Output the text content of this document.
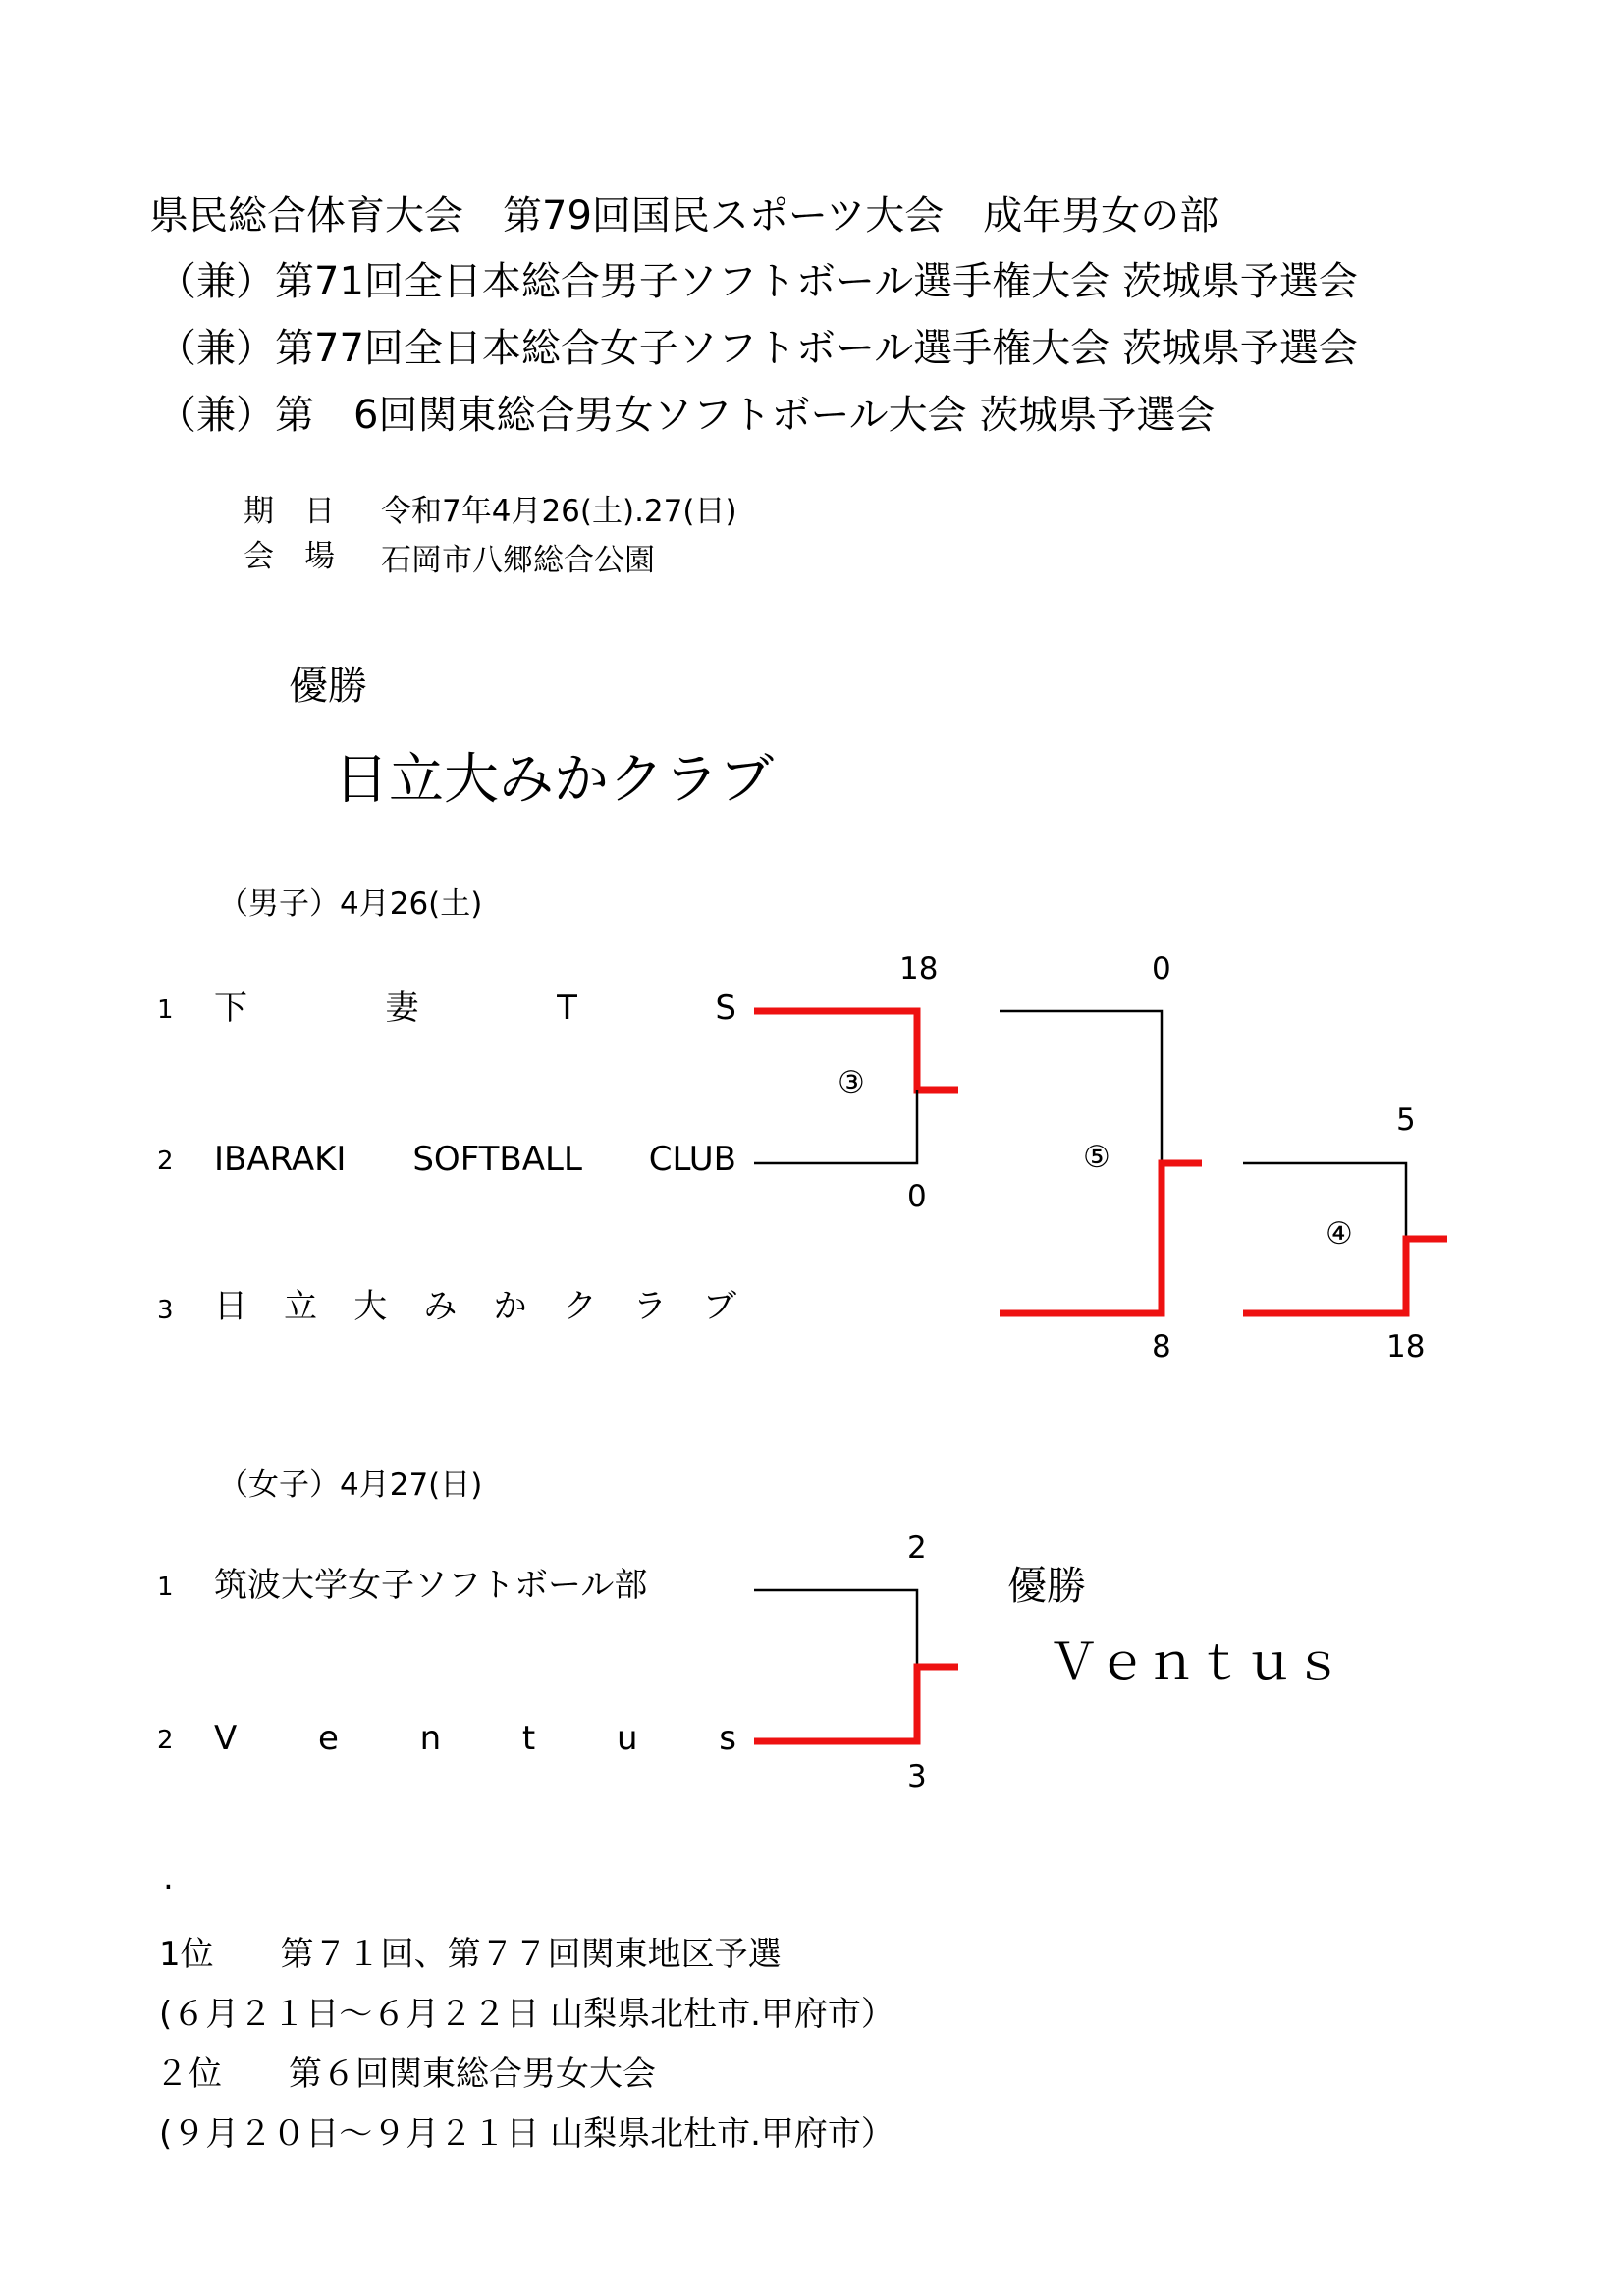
県民総合体育大会　第79回国民スポーツ大会　成年男女の部
（兼）第71回全日本総合男子ソフトボール選手権大会 茨城県予選会
（兼）第77回全日本総合女子ソフトボール選手権大会 茨城県予選会
（兼）第　6回関東総合男女ソフトボール大会 茨城県予選会
期　日 令和7年4月26(土).27(日)
会　場 石岡市八郷総合公園
優勝
日立大みかクラブ
（男子）4月26(土)
1 下	妻	T	S
2 IBARAKI SOFTBALL CLUB
3 日 立 大 み か ク ラ ブ
18
③
0
0
⑤
8
5
④
18
（女子）4月27(日)
1 筑波大学女子ソフトボール部
2 V e n t u s
2
3
優勝
Ｖｅｎｔｕｓ
.
1位　　第７１回、第７７回関東地区予選
(６月２１日～６月２２日 山梨県北杜市.甲府市）
２位　　第６回関東総合男女大会
(９月２０日～９月２１日 山梨県北杜市.甲府市）
